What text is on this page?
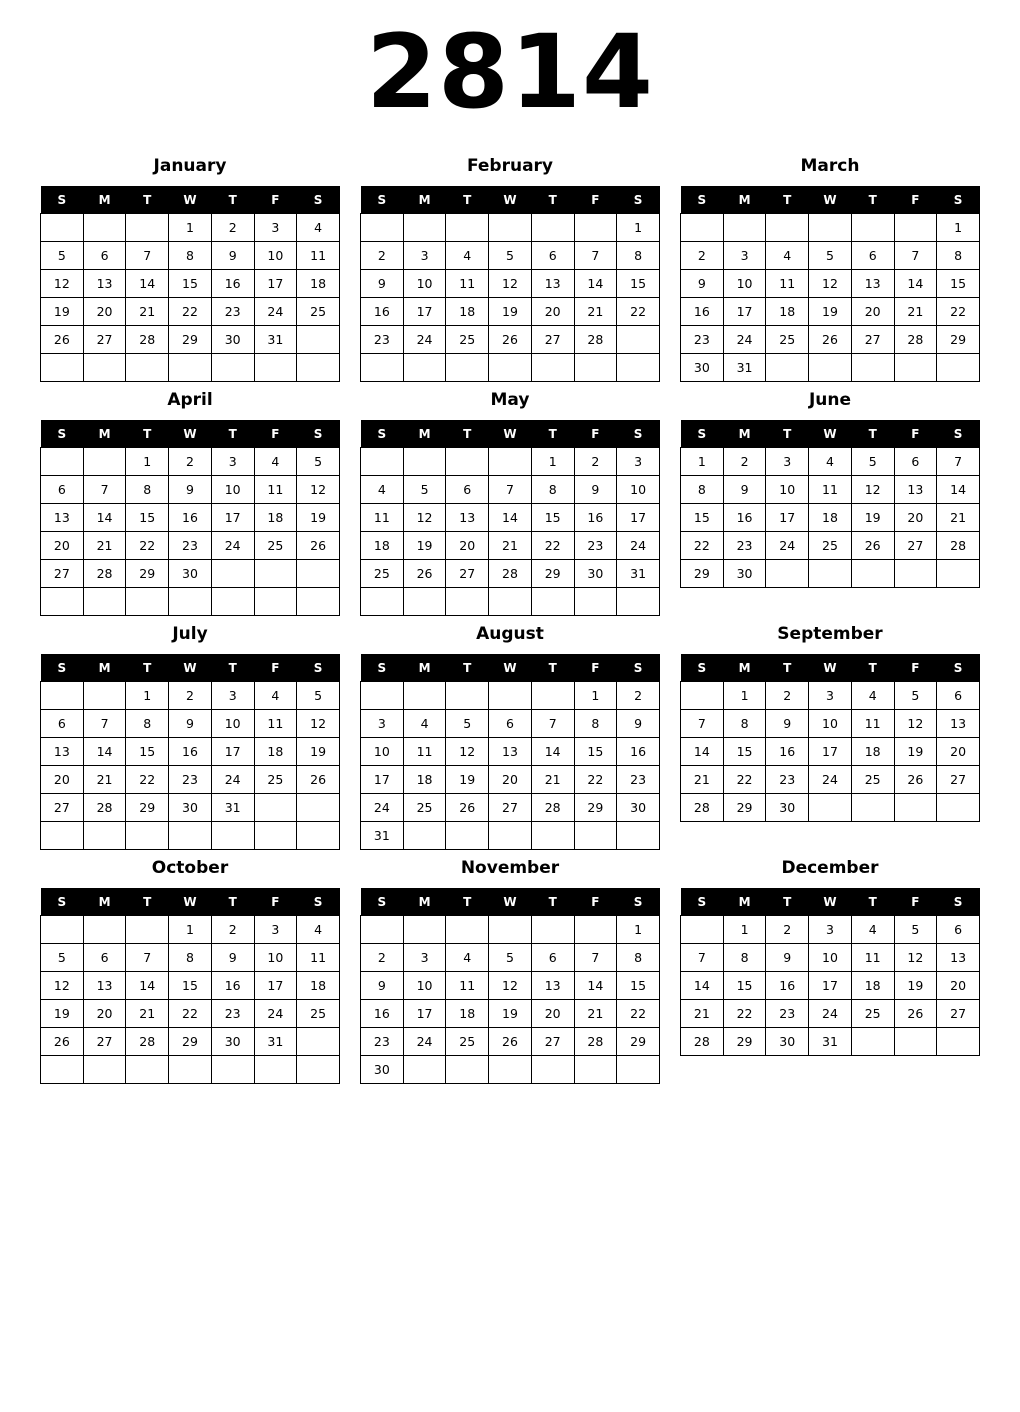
2814
January
S	M	T	W	T	F	S
			1	2	3	4
5	6	7	8	9	10	11
12	13	14	15	16	17	18
19	20	21	22	23	24	25
26	27	28	29	30	31	

February
S	M	T	W	T	F	S
						1
2	3	4	5	6	7	8
9	10	11	12	13	14	15
16	17	18	19	20	21	22
23	24	25	26	27	28	

March
S	M	T	W	T	F	S
						1
2	3	4	5	6	7	8
9	10	11	12	13	14	15
16	17	18	19	20	21	22
23	24	25	26	27	28	29
30	31					
April
S	M	T	W	T	F	S
		1	2	3	4	5
6	7	8	9	10	11	12
13	14	15	16	17	18	19
20	21	22	23	24	25	26
27	28	29	30			

May
S	M	T	W	T	F	S
				1	2	3
4	5	6	7	8	9	10
11	12	13	14	15	16	17
18	19	20	21	22	23	24
25	26	27	28	29	30	31

June
S	M	T	W	T	F	S
1	2	3	4	5	6	7
8	9	10	11	12	13	14
15	16	17	18	19	20	21
22	23	24	25	26	27	28
29	30					
July
S	M	T	W	T	F	S
		1	2	3	4	5
6	7	8	9	10	11	12
13	14	15	16	17	18	19
20	21	22	23	24	25	26
27	28	29	30	31		

August
S	M	T	W	T	F	S
					1	2
3	4	5	6	7	8	9
10	11	12	13	14	15	16
17	18	19	20	21	22	23
24	25	26	27	28	29	30
31						
September
S	M	T	W	T	F	S
	1	2	3	4	5	6
7	8	9	10	11	12	13
14	15	16	17	18	19	20
21	22	23	24	25	26	27
28	29	30				
October
S	M	T	W	T	F	S
			1	2	3	4
5	6	7	8	9	10	11
12	13	14	15	16	17	18
19	20	21	22	23	24	25
26	27	28	29	30	31	

November
S	M	T	W	T	F	S
						1
2	3	4	5	6	7	8
9	10	11	12	13	14	15
16	17	18	19	20	21	22
23	24	25	26	27	28	29
30						
December
S	M	T	W	T	F	S
	1	2	3	4	5	6
7	8	9	10	11	12	13
14	15	16	17	18	19	20
21	22	23	24	25	26	27
28	29	30	31			
